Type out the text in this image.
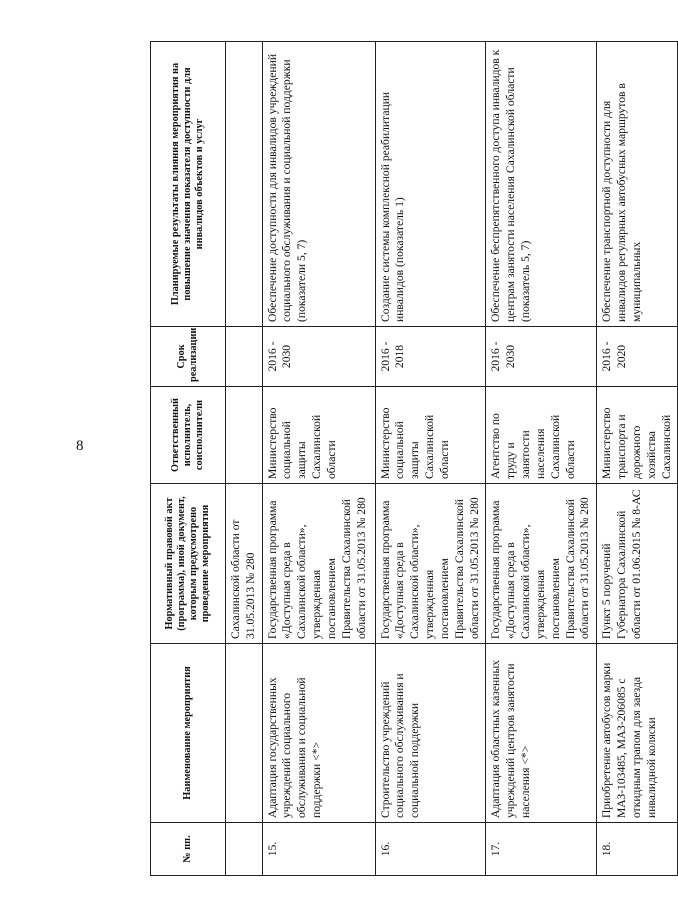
8
№ пп.	Наименование мероприятия	Нормативный правовой акт (программа), иной документ, которым предусмотрено проведение мероприятия	Ответственный исполнитель, соисполнители	Срок реализации	Планируемые результаты влияния мероприятия на повышение значения показателя доступности для инвалидов объектов и услуг
		Сахалинской области от 31.05.2013 № 280			
15.	Адаптация государственных учреждений социального обслуживания и социальной поддержки <*>	Государственная программа «Доступная среда в Сахалинской области», утвержденная постановлением Правительства Сахалинской области от 31.05.2013 № 280	Министерство социальной защиты Сахалинской области	2016 - 2030	Обеспечение доступности для инвалидов учреждений социального обслуживания и социальной поддержки (показатели 5, 7)
16.	Строительство учреждений социального обслуживания и социальной поддержки	Государственная программа «Доступная среда в Сахалинской области», утвержденная постановлением Правительства Сахалинской области от 31.05.2013 № 280	Министерство социальной защиты Сахалинской области	2016 - 2018	Создание системы комплексной реабилитации инвалидов (показатель 1)
17.	Адаптация областных казенных учреждений центров занятости населения <*>	Государственная программа «Доступная среда в Сахалинской области», утвержденная постановлением Правительства Сахалинской области от 31.05.2013 № 280	Агентство по труду и занятости населения Сахалинской области	2016 - 2030	Обеспечение беспрепятственного доступа инвалидов к центрам занятости населения Сахалинской области (показатель 5, 7)
18.	Приобретение автобусов марки МАЗ-103485, МАЗ-206085 с откидным трапом для заезда инвалидной коляски	Пункт 5 поручений Губернатора Сахалинской области от 01.06.2015 № 8-АС	Министерство транспорта и дорожного хозяйства Сахалинской	2016 - 2020	Обеспечение транспортной доступности для инвалидов регулярных автобусных маршрутов в муниципальных
